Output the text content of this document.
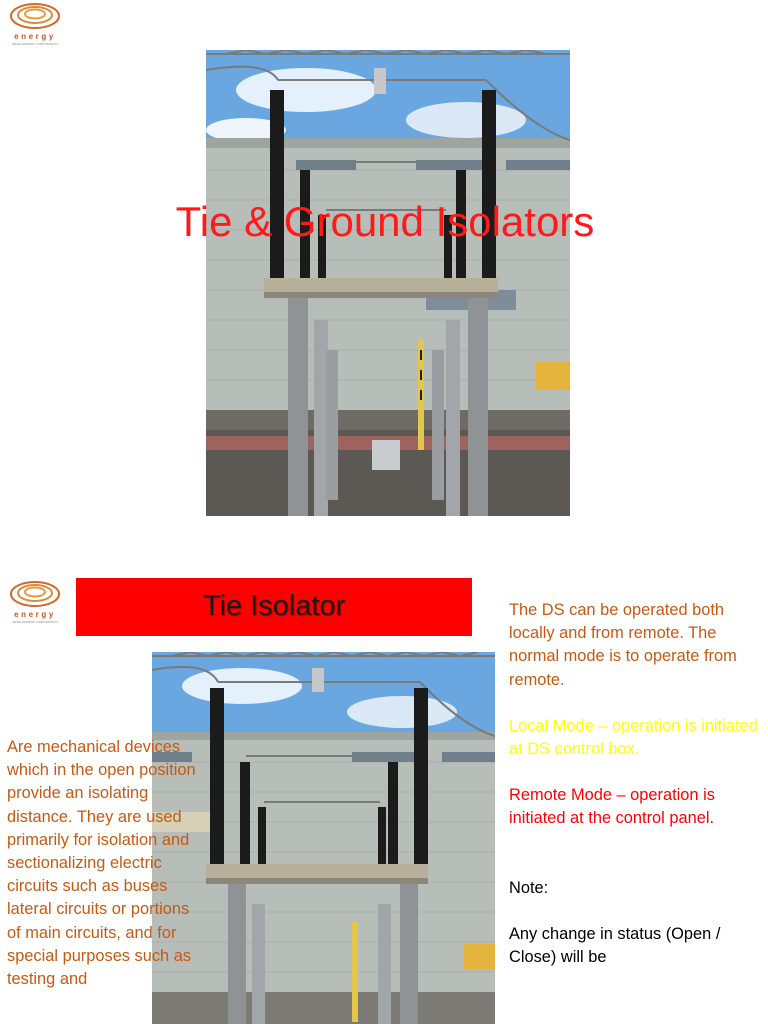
energy
DEVELOPMENT CORPORATION
Tie & Ground Isolators
energy
DEVELOPMENT CORPORATION	Tie Isolator
Are mechanical devices which in the open position provide an isolating distance. They are used primarily for isolation and sectionalizing electric circuits such as buses lateral circuits or portions of main circuits, and for special purposes such as testing and

The DS can be operated both locally and from remote. The normal mode is to operate from remote.

Local Mode – operation is initiated at DS control box.

Remote Mode – operation is initiated at the control panel.

Note:

Any change in status (Open / Close) will be
